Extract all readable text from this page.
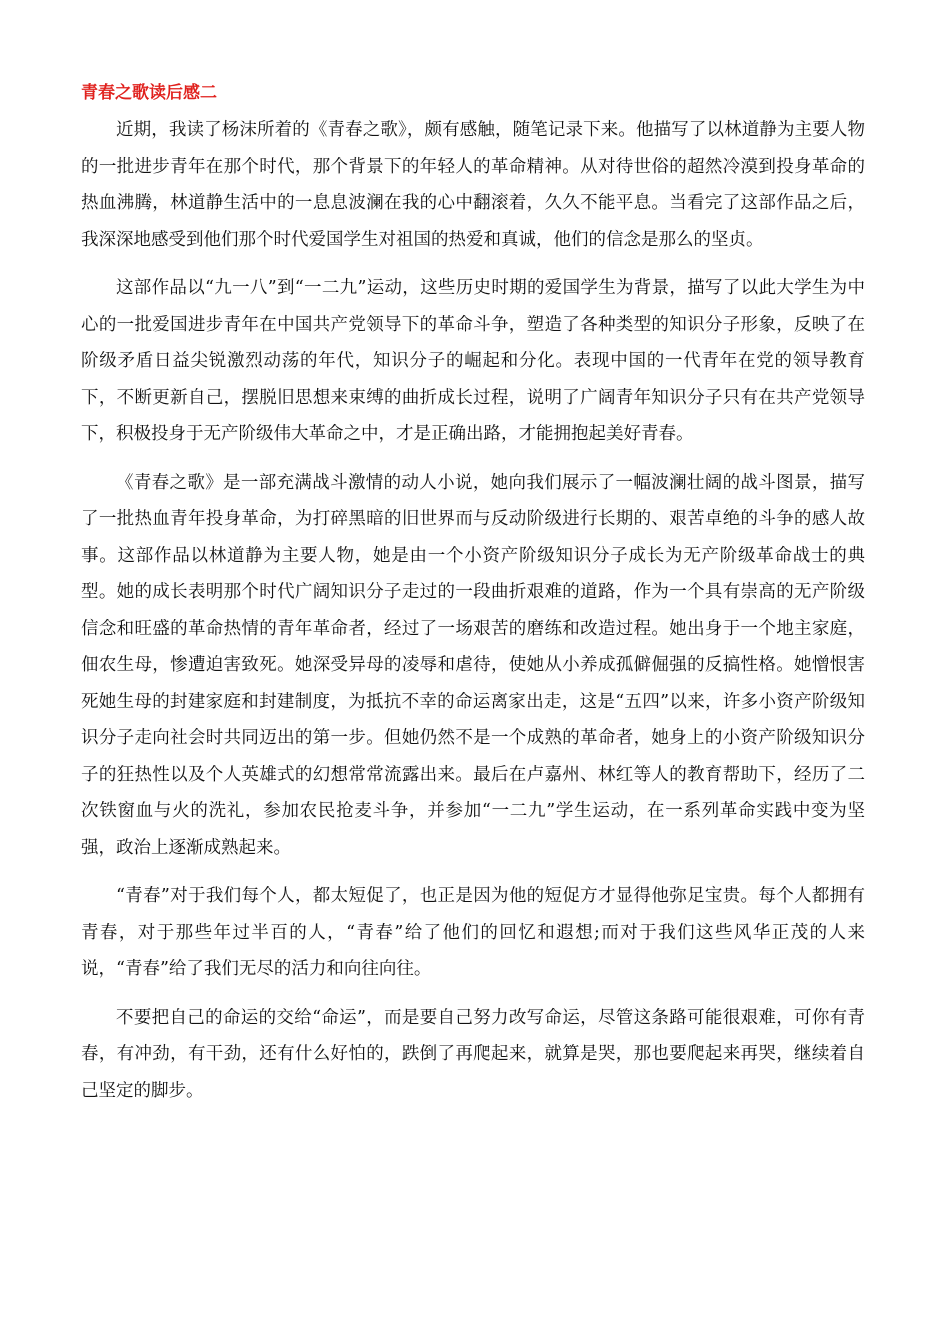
青春之歌读后感二

近期，我读了杨沫所着的《青春之歌》，颇有感触，随笔记录下来。他描写了以林道静为主要人物的一批进步青年在那个时代，那个背景下的年轻人的革命精神。从对待世俗的超然冷漠到投身革命的热血沸腾，林道静生活中的一息息波澜在我的心中翻滚着，久久不能平息。当看完了这部作品之后，我深深地感受到他们那个时代爱国学生对祖国的热爱和真诚，他们的信念是那么的坚贞。

这部作品以“九一八”到“一二九”运动，这些历史时期的爱国学生为背景，描写了以此大学生为中心的一批爱国进步青年在中国共产党领导下的革命斗争，塑造了各种类型的知识分子形象，反映了在阶级矛盾日益尖锐激烈动荡的年代，知识分子的崛起和分化。表现中国的一代青年在党的领导教育下，不断更新自己，摆脱旧思想来束缚的曲折成长过程，说明了广阔青年知识分子只有在共产党领导下，积极投身于无产阶级伟大革命之中，才是正确出路，才能拥抱起美好青春。

《青春之歌》是一部充满战斗激情的动人小说，她向我们展示了一幅波澜壮阔的战斗图景，描写了一批热血青年投身革命，为打碎黑暗的旧世界而与反动阶级进行长期的、艰苦卓绝的斗争的感人故事。这部作品以林道静为主要人物，她是由一个小资产阶级知识分子成长为无产阶级革命战士的典型。她的成长表明那个时代广阔知识分子走过的一段曲折艰难的道路，作为一个具有崇高的无产阶级信念和旺盛的革命热情的青年革命者，经过了一场艰苦的磨练和改造过程。她出身于一个地主家庭，佃农生母，惨遭迫害致死。她深受异母的凌辱和虐待，使她从小养成孤僻倔强的反搞性格。她憎恨害死她生母的封建家庭和封建制度，为抵抗不幸的命运离家出走，这是“五四”以来，许多小资产阶级知识分子走向社会时共同迈出的第一步。但她仍然不是一个成熟的革命者，她身上的小资产阶级知识分子的狂热性以及个人英雄式的幻想常常流露出来。最后在卢嘉州、林红等人的教育帮助下，经历了二次铁窗血与火的洗礼，参加农民抢麦斗争，并参加“一二九”学生运动，在一系列革命实践中变为坚强，政治上逐渐成熟起来。

“青春”对于我们每个人，都太短促了，也正是因为他的短促方才显得他弥足宝贵。每个人都拥有青春，对于那些年过半百的人，“青春”给了他们的回忆和遐想;而对于我们这些风华正茂的人来说，“青春”给了我们无尽的活力和向往向往。

不要把自己的命运的交给“命运”，而是要自己努力改写命运，尽管这条路可能很艰难，可你有青春，有冲劲，有干劲，还有什么好怕的，跌倒了再爬起来，就算是哭，那也要爬起来再哭，继续着自己坚定的脚步。
